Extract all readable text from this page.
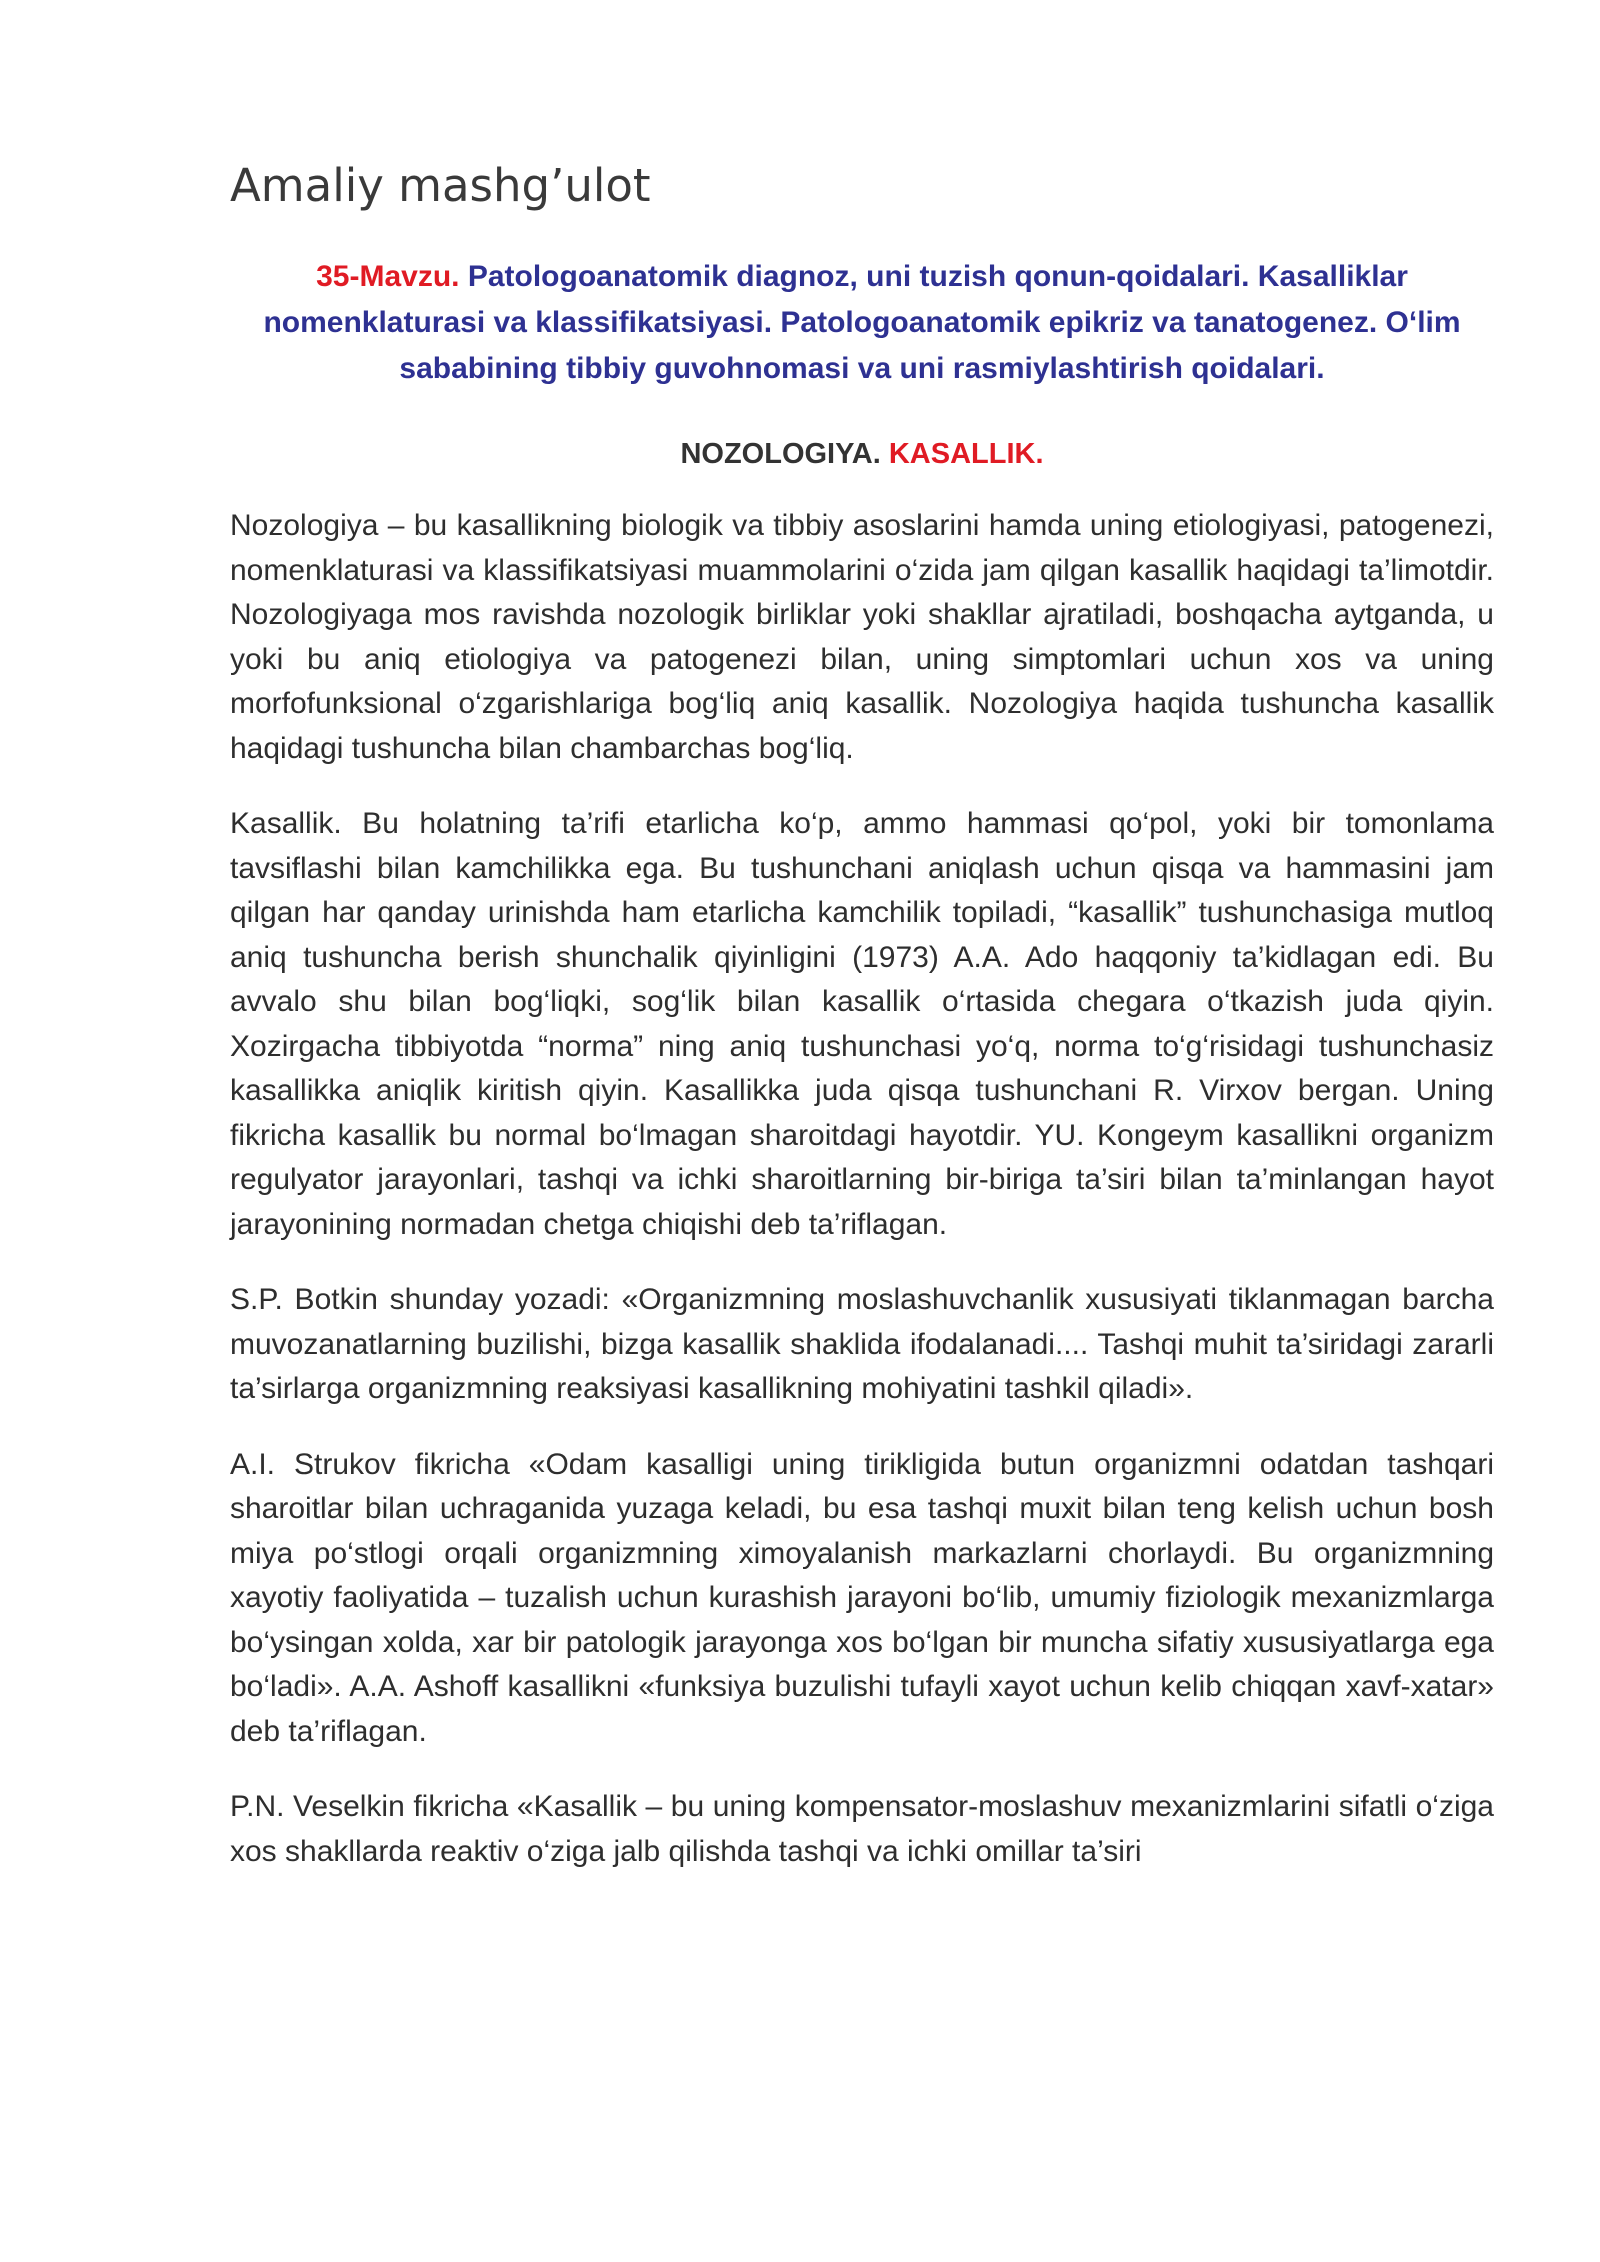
Amaliy mashg’ulot

35-Mavzu. Patologoanatomik diagnoz, uni tuzish qonun-qoidalari. Kasalliklar nomenklaturasi va klassifikatsiyasi. Patologoanatomik epikriz va tanatogenez. O‘lim sababining tibbiy guvohnomasi va uni rasmiylashtirish qoidalari.

NOZOLOGIYA. KASALLIK.

Nozologiya – bu kasallikning biologik va tibbiy asoslarini hamda uning etiologiyasi, patogenezi, nomenklaturasi va klassifikatsiyasi muammolarini o‘zida jam qilgan kasallik haqidagi ta’limotdir. Nozologiyaga mos ravishda nozologik birliklar yoki shakllar ajratiladi, boshqacha aytganda, u yoki bu aniq etiologiya va patogenezi bilan, uning simptomlari uchun xos va uning morfofunksional o‘zgarishlariga bog‘liq aniq kasallik. Nozologiya haqida tushuncha kasallik haqidagi tushuncha bilan chambarchas bog‘liq.

Kasallik. Bu holatning ta’rifi etarlicha ko‘p, ammo hammasi qo‘pol, yoki bir tomonlama tavsiflashi bilan kamchilikka ega. Bu tushunchani aniqlash uchun qisqa va hammasini jam qilgan har qanday urinishda ham etarlicha kamchilik topiladi, “kasallik” tushunchasiga mutloq aniq tushuncha berish shunchalik qiyinligini (1973) A.A. Ado haqqoniy ta’kidlagan edi. Bu avvalo shu bilan bog‘liqki, sog‘lik bilan kasallik o‘rtasida chegara o‘tkazish juda qiyin. Xozirgacha tibbiyotda “norma” ning aniq tushunchasi yo‘q, norma to‘g‘risidagi tushunchasiz kasallikka aniqlik kiritish qiyin. Kasallikka juda qisqa tushunchani R. Virxov bergan. Uning fikricha kasallik bu normal bo‘lmagan sharoitdagi hayotdir. YU. Kongeym kasallikni organizm regulyator jarayonlari, tashqi va ichki sharoitlarning bir-biriga ta’siri bilan ta’minlangan hayot jarayonining normadan chetga chiqishi deb ta’riflagan.

S.P. Botkin shunday yozadi: «Organizmning moslashuvchanlik xususiyati tiklanmagan barcha muvozanatlarning buzilishi, bizga kasallik shaklida ifodalanadi.... Tashqi muhit ta’siridagi zararli ta’sirlarga organizmning reaksiyasi kasallikning mohiyatini tashkil qiladi».

A.I. Strukov fikricha «Odam kasalligi uning tirikligida butun organizmni odatdan tashqari sharoitlar bilan uchraganida yuzaga keladi, bu esa tashqi muxit bilan teng kelish uchun bosh miya po‘stlogi orqali organizmning ximoyalanish markazlarni chorlaydi. Bu organizmning xayotiy faoliyatida – tuzalish uchun kurashish jarayoni bo‘lib, umumiy fiziologik mexanizmlarga bo‘ysingan xolda, xar bir patologik jarayonga xos bo‘lgan bir muncha sifatiy xususiyatlarga ega bo‘ladi». A.A. Ashoff kasallikni «funksiya buzulishi tufayli xayot uchun kelib chiqqan xavf-xatar» deb ta’riflagan.

P.N. Veselkin fikricha «Kasallik – bu uning kompensator-moslashuv mexanizmlarini sifatli o‘ziga xos shakllarda reaktiv o‘ziga jalb qilishda tashqi va ichki omillar ta’siri
